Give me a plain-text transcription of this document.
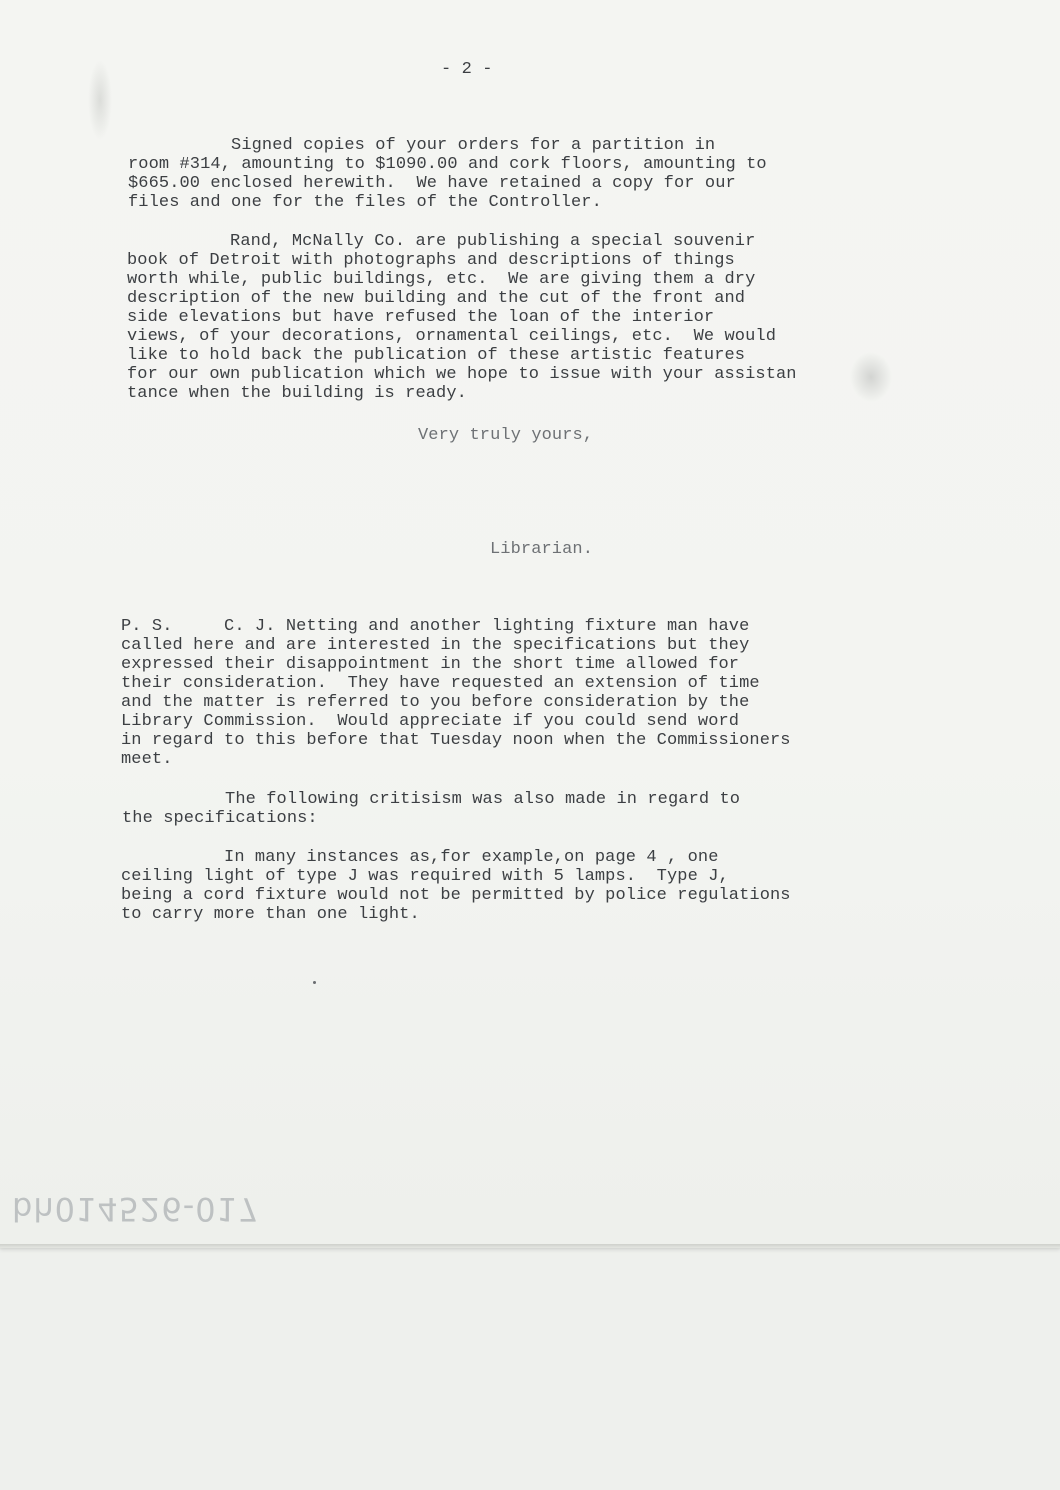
- 2 -
Signed copies of your orders for a partition in
room #314, amounting to $1090.00 and cork floors, amounting to
$665.00 enclosed herewith.  We have retained a copy for our
files and one for the files of the Controller.
Rand, McNally Co. are publishing a special souvenir
book of Detroit with photographs and descriptions of things
worth while, public buildings, etc.  We are giving them a dry
description of the new building and the cut of the front and
side elevations but have refused the loan of the interior
views, of your decorations, ornamental ceilings, etc.  We would
like to hold back the publication of these artistic features
for our own publication which we hope to issue with your assistan
tance when the building is ready.
Very truly yours,
Librarian.
P. S.     C. J. Netting and another lighting fixture man have
called here and are interested in the specifications but they
expressed their disappointment in the short time allowed for
their consideration.  They have requested an extension of time
and the matter is referred to you before consideration by the
Library Commission.  Would appreciate if you could send word
in regard to this before that Tuesday noon when the Commissioners
meet.
The following critisism was also made in regard to
the specifications:
In many instances as,for example,on page 4 , one
ceiling light of type J was required with 5 lamps.  Type J,
being a cord fixture would not be permitted by police regulations
to carry more than one light.
bh014526-017
